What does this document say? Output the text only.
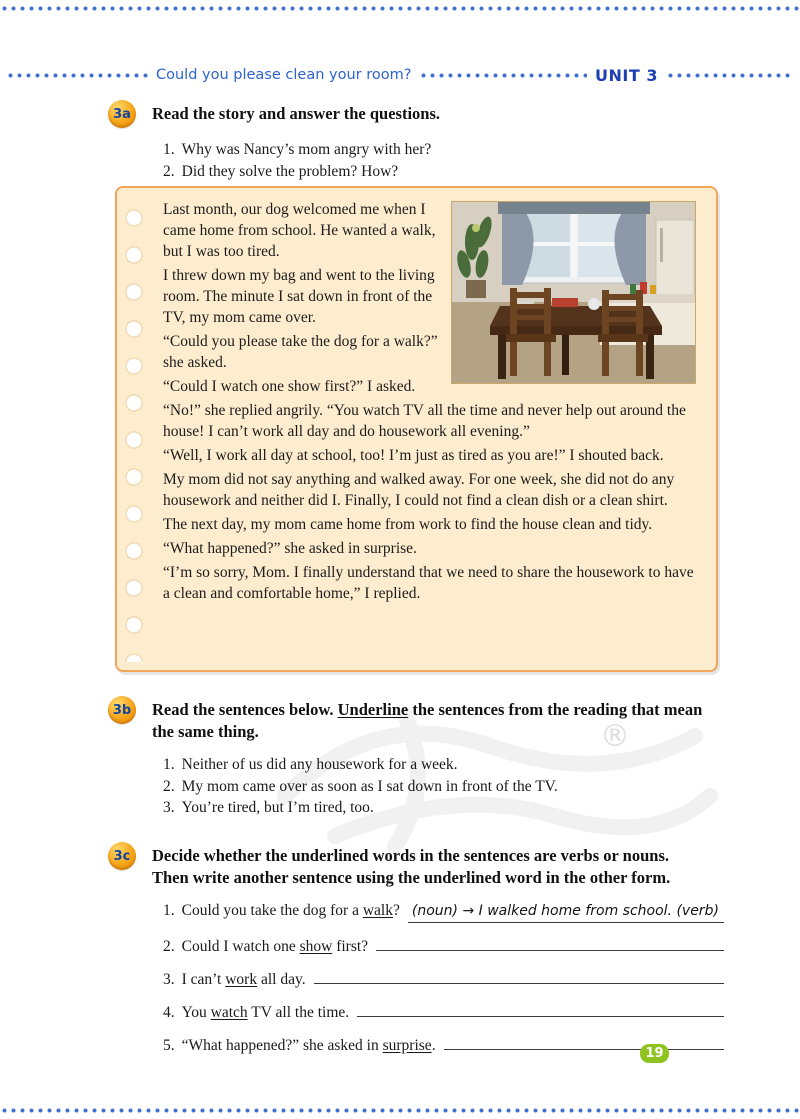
Could you please clean your room?	UNIT 3
®
3a	Read the story and answer the questions.
1. Why was Nancy’s mom angry with her?
2. Did they solve the problem? How?

Last month, our dog welcomed me when I came home from school. He wanted a walk, but I was too tired.

I threw down my bag and went to the living room. The minute I sat down in front of the TV, my mom came over.

“Could you please take the dog for a walk?” she asked.

“Could I watch one show first?” I asked.

“No!” she replied angrily. “You watch TV all the time and never help out around the house! I can’t work all day and do housework all evening.”

“Well, I work all day at school, too! I’m just as tired as you are!” I shouted back.

My mom did not say anything and walked away. For one week, she did not do any housework and neither did I. Finally, I could not find a clean dish or a clean shirt.

The next day, my mom came home from work to find the house clean and tidy.

“What happened?” she asked in surprise.

“I’m so sorry, Mom. I finally understand that we need to share the housework to have a clean and comfortable home,” I replied.

3b Read the sentences below. Underline the sentences from the reading that mean the same thing.
1. Neither of us did any housework for a week.
2. My mom came over as soon as I sat down in front of the TV.
3. You’re tired, but I’m tired, too.
3c	Decide whether the underlined words in the sentences are verbs or nouns.
Then write another sentence using the underlined word in the other form.
1. Could you take the dog for a walk? (noun) → I walked home from school. (verb)
2. Could I watch one show first?
3. I can’t work all day.
4. You watch TV all the time.
5. “What happened?” she asked in surprise.	19
